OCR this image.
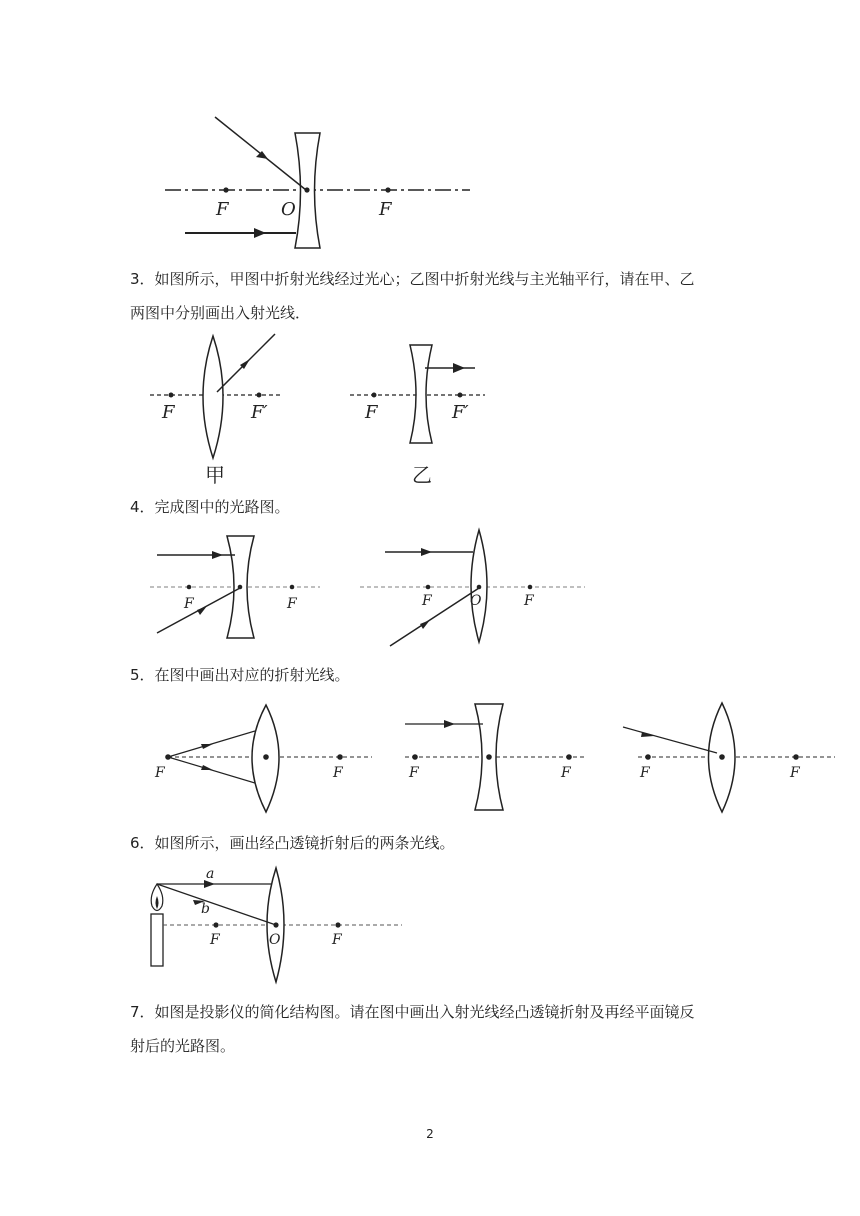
F	O	F

3．如图所示，甲图中折射光线经过光心；乙图中折射光线与主光轴平行，请在甲、乙
两图中分别画出入射光线．

F	F′
甲
F	F′
乙

4．完成图中的光路图。

F	F	F	O	F

5．在图中画出对应的折射光线。

F	F	F	F	F	F

6．如图所示，画出经凸透镜折射后的两条光线。

a
b
F	O	F

7．如图是投影仪的简化结构图。请在图中画出入射光线经凸透镜折射及再经平面镜反
射后的光路图。

2
